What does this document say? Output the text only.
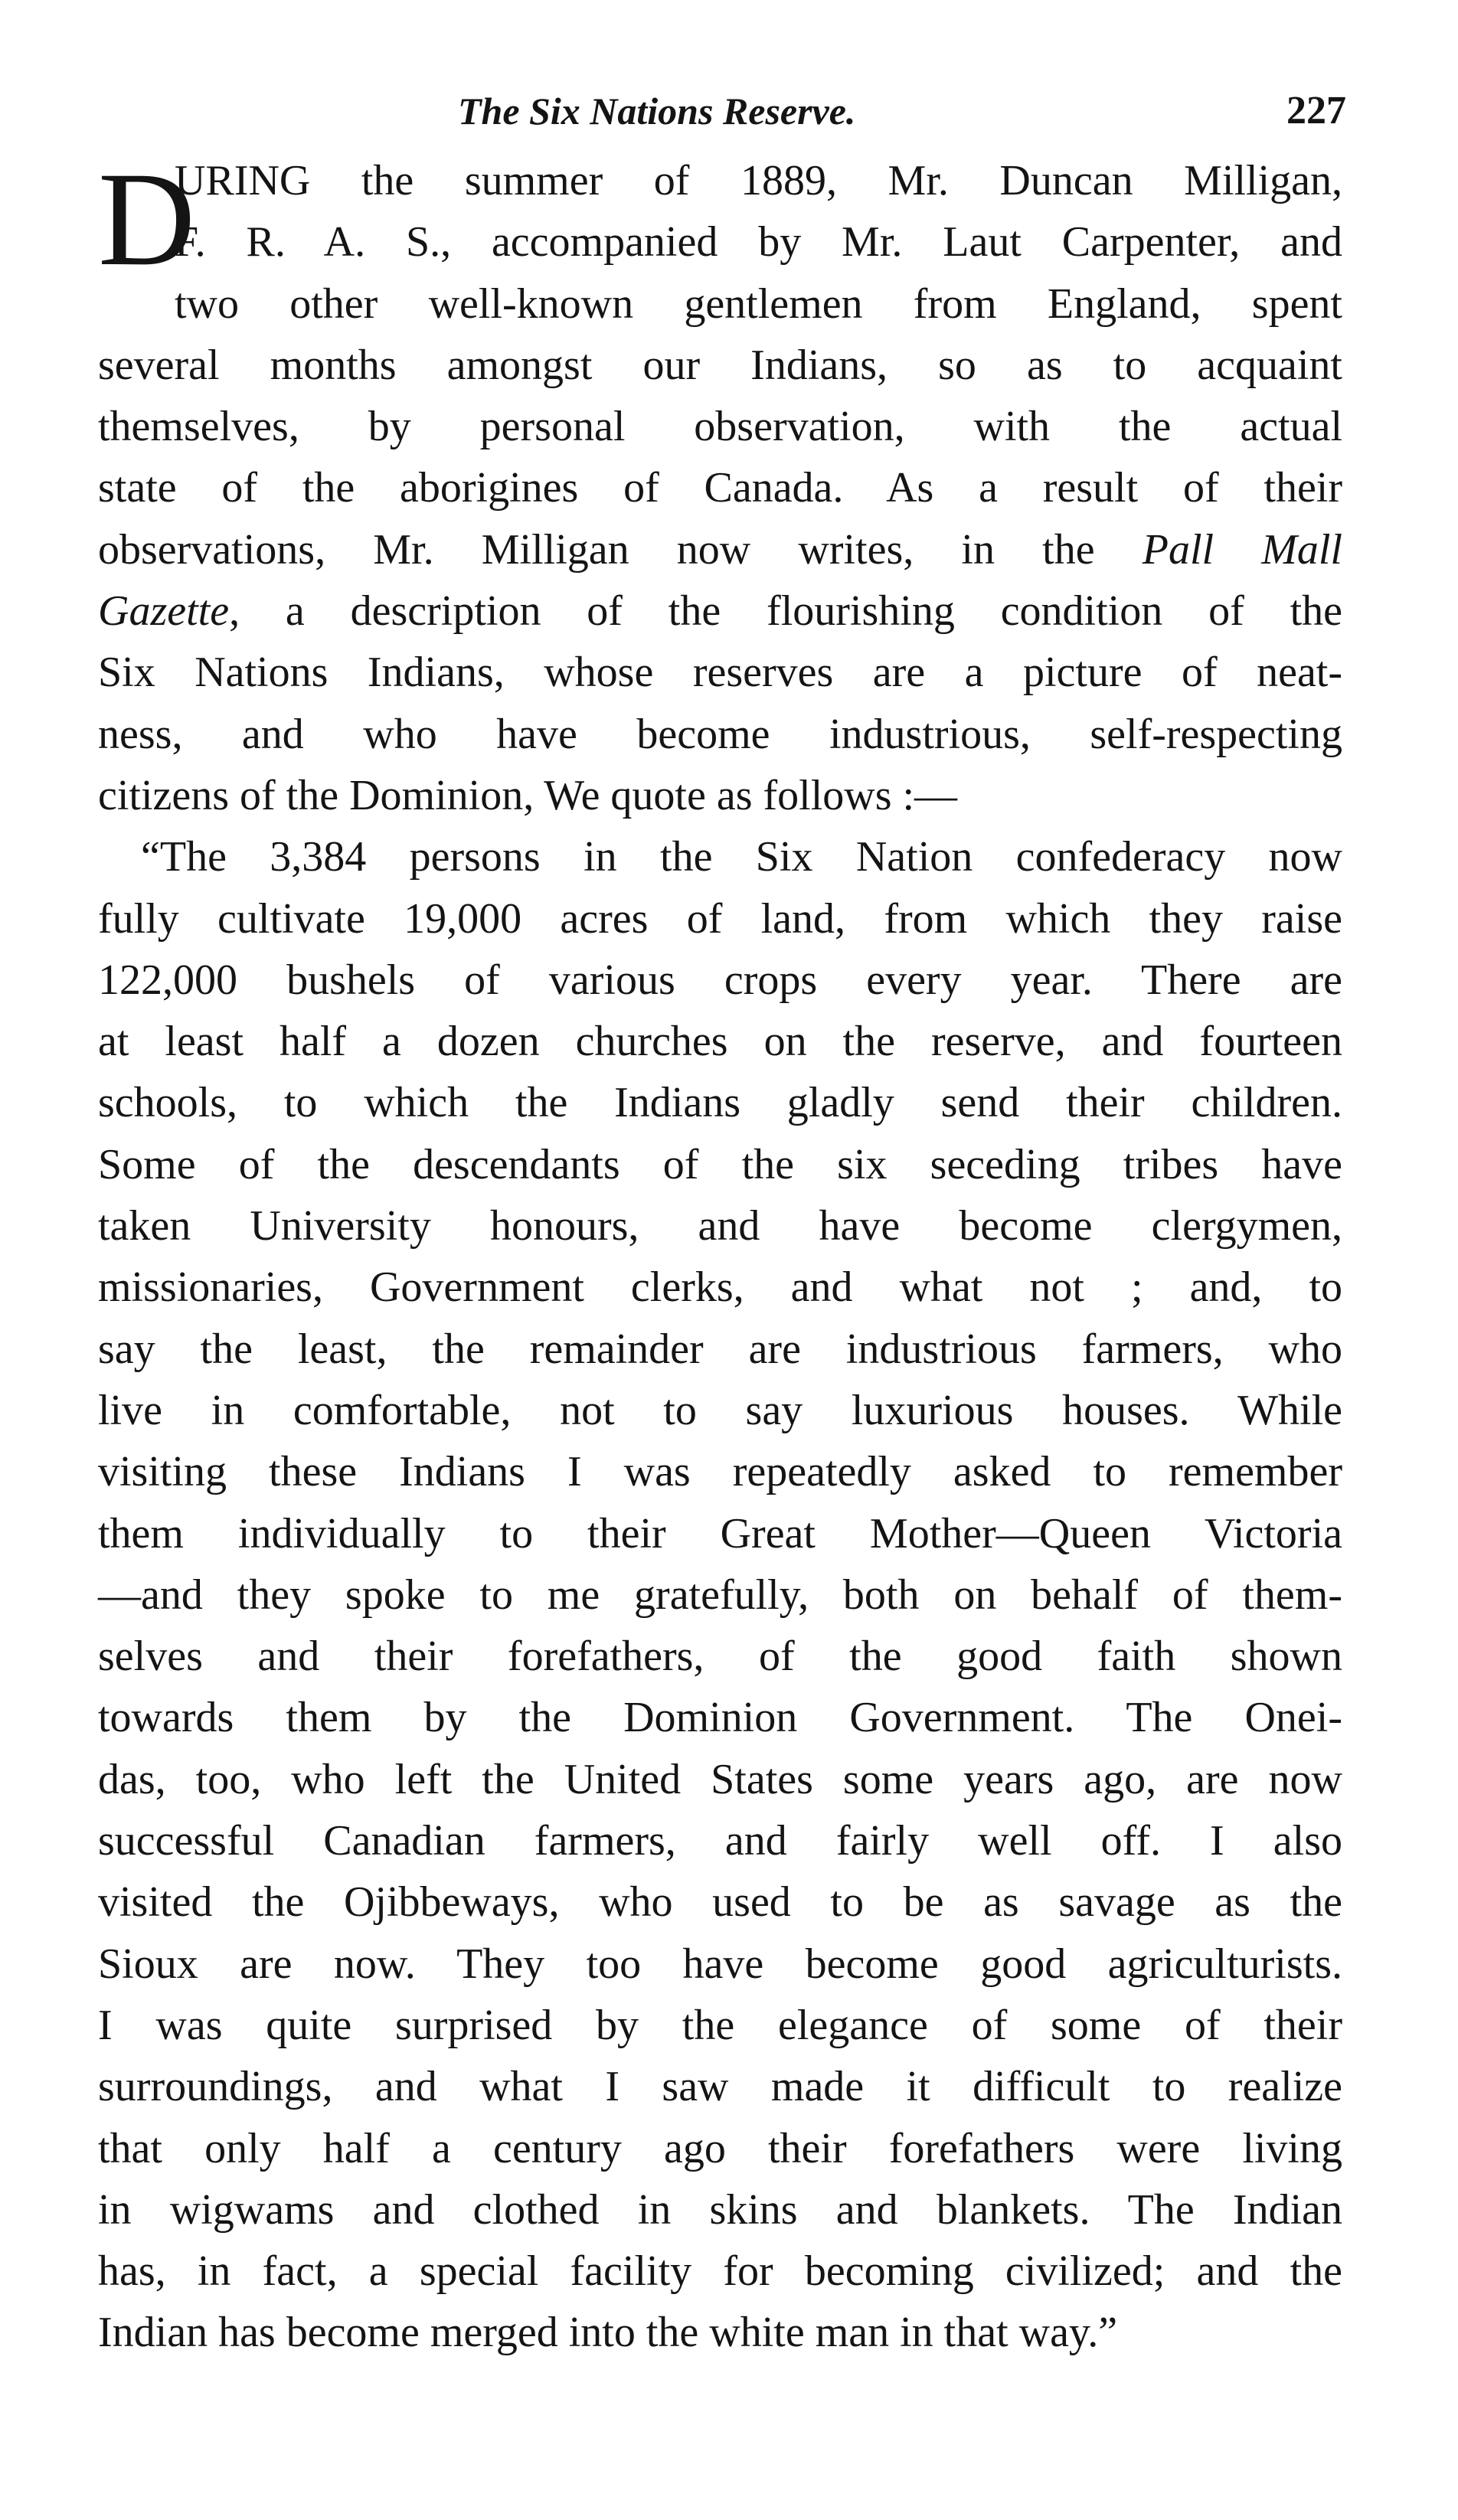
The Six Nations Reserve.	227
D
URING the summer of 1889, Mr. Duncan Milligan,
F. R. A. S., accompanied by Mr. Laut Carpenter, and
two other well-known gentlemen from England, spent
several months amongst our Indians, so as to acquaint
themselves, by personal observation, with the actual
state of the aborigines of Canada. As a result of their
observations, Mr. Milligan now writes, in the Pall Mall
Gazette, a description of the flourishing condition of the
Six Nations Indians, whose reserves are a picture of neat-
ness, and who have become industrious, self-respecting
citizens of the Dominion, We quote as follows :—
“The 3,384 persons in the Six Nation confederacy now
fully cultivate 19,000 acres of land, from which they raise
122,000 bushels of various crops every year. There are
at least half a dozen churches on the reserve, and fourteen
schools, to which the Indians gladly send their children.
Some of the descendants of the six seceding tribes have
taken University honours, and have become clergymen,
missionaries, Government clerks, and what not ; and, to
say the least, the remainder are industrious farmers, who
live in comfortable, not to say luxurious houses. While
visiting these Indians I was repeatedly asked to remember
them individually to their Great Mother—Queen Victoria
—and they spoke to me gratefully, both on behalf of them-
selves and their forefathers, of the good faith shown
towards them by the Dominion Government. The Onei-
das, too, who left the United States some years ago, are now
successful Canadian farmers, and fairly well off. I also
visited the Ojibbeways, who used to be as savage as the
Sioux are now. They too have become good agriculturists.
I was quite surprised by the elegance of some of their
surroundings, and what I saw made it difficult to realize
that only half a century ago their forefathers were living
in wigwams and clothed in skins and blankets. The Indian
has, in fact, a special facility for becoming civilized; and the
Indian has become merged into the white man in that way.”
